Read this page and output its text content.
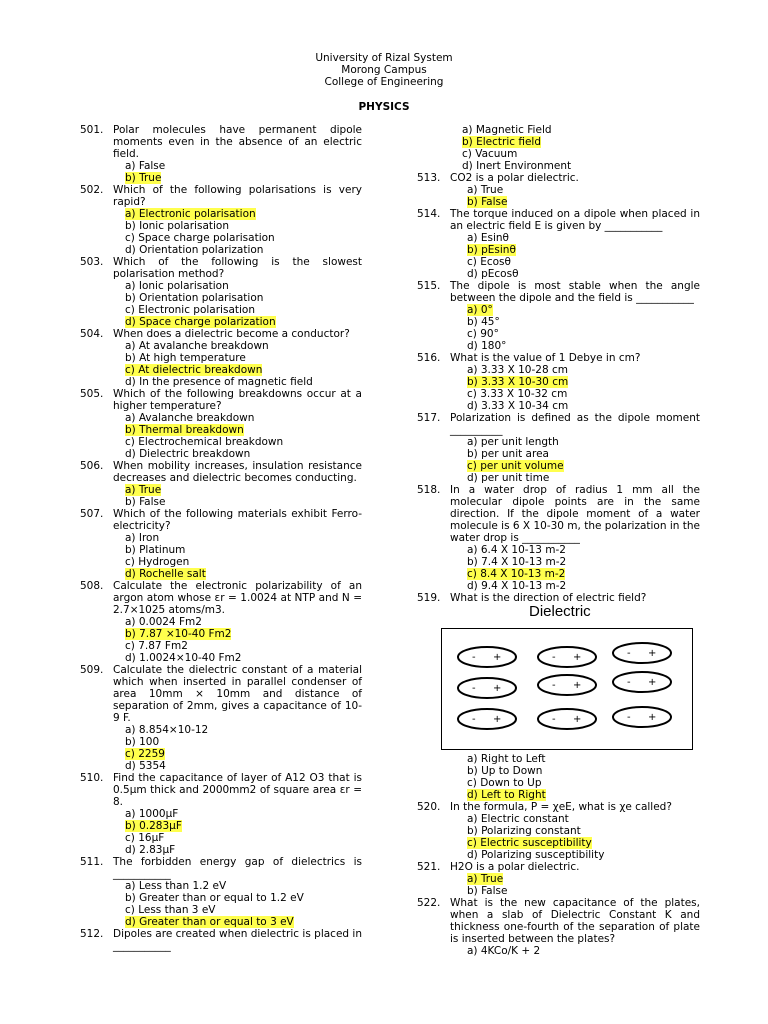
University of Rizal System
Morong Campus
College of Engineering
PHYSICS
501. Polar molecules have permanent dipole moments even in the absence of an electric field.
a) False
b) True
502. Which of the following polarisations is very rapid?
a) Electronic polarisation
b) Ionic polarisation
c) Space charge polarisation
d) Orientation polarization
503. Which of the following is the slowest polarisation method?
a) Ionic polarisation
b) Orientation polarisation
c) Electronic polarisation
d) Space charge polarization
504. When does a dielectric become a conductor?
a) At avalanche breakdown
b) At high temperature
c) At dielectric breakdown
d) In the presence of magnetic field
505. Which of the following breakdowns occur at a higher temperature?
a) Avalanche breakdown
b) Thermal breakdown
c) Electrochemical breakdown
d) Dielectric breakdown
506. When mobility increases, insulation resistance decreases and dielectric becomes conducting.
a) True
b) False
507. Which of the following materials exhibit Ferro-electricity?
a) Iron
b) Platinum
c) Hydrogen
d) Rochelle salt
508. Calculate the electronic polarizability of an argon atom whose εr = 1.0024 at NTP and N = 2.7×1025 atoms/m3.
a) 0.0024 Fm2
b) 7.87 ×10-40 Fm2
c) 7.87 Fm2
d) 1.0024×10-40 Fm2
509. Calculate the dielectric constant of a material which when inserted in parallel condenser of area 10mm × 10mm and distance of separation of 2mm, gives a capacitance of 10-9 F.
a) 8.854×10-12
b) 100
c) 2259
d) 5354
510. Find the capacitance of layer of A12 O3 that is 0.5μm thick and 2000mm2 of square area εr = 8.
a) 1000μF
b) 0.283μF
c) 16μF
d) 2.83μF
511. The forbidden energy gap of dielectrics is ___________
a) Less than 1.2 eV
b) Greater than or equal to 1.2 eV
c) Less than 3 eV
d) Greater than or equal to 3 eV
512. Dipoles are created when dielectric is placed in ___________
a) Magnetic Field
b) Electric field
c) Vacuum
d) Inert Environment
513. CO2 is a polar dielectric.
a) True
b) False
514. The torque induced on a dipole when placed in an electric field E is given by ___________
a) Esinθ
b) pEsinθ
c) Ecosθ
d) pEcosθ
515. The dipole is most stable when the angle between the dipole and the field is ___________
a) 0°
b) 45°
c) 90°
d) 180°
516. What is the value of 1 Debye in cm?
a) 3.33 X 10-28 cm
b) 3.33 X 10-30 cm
c) 3.33 X 10-32 cm
d) 3.33 X 10-34 cm
517. Polarization is defined as the dipole moment __________
a) per unit length
b) per unit area
c) per unit volume
d) per unit time
518. In a water drop of radius 1 mm all the molecular dipole points are in the same direction. If the dipole moment of a water molecule is 6 X 10-30 m, the polarization in the water drop is ___________
a) 6.4 X 10-13 m-2
b) 7.4 X 10-13 m-2
c) 8.4 X 10-13 m-2
d) 9.4 X 10-13 m-2
519. What is the direction of electric field?
Dielectric
- +	- +	- +
- +	- +	- +
- +	- +	- +
a) Right to Left
b) Up to Down
c) Down to Up
d) Left to Right
520. In the formula, P = χeE, what is χe called?
a) Electric constant
b) Polarizing constant
c) Electric susceptibility
d) Polarizing susceptibility
521. H2O is a polar dielectric.
a) True
b) False
522. What is the new capacitance of the plates, when a slab of Dielectric Constant K and thickness one-fourth of the separation of plate is inserted between the plates?
a) 4KCo/K + 2
